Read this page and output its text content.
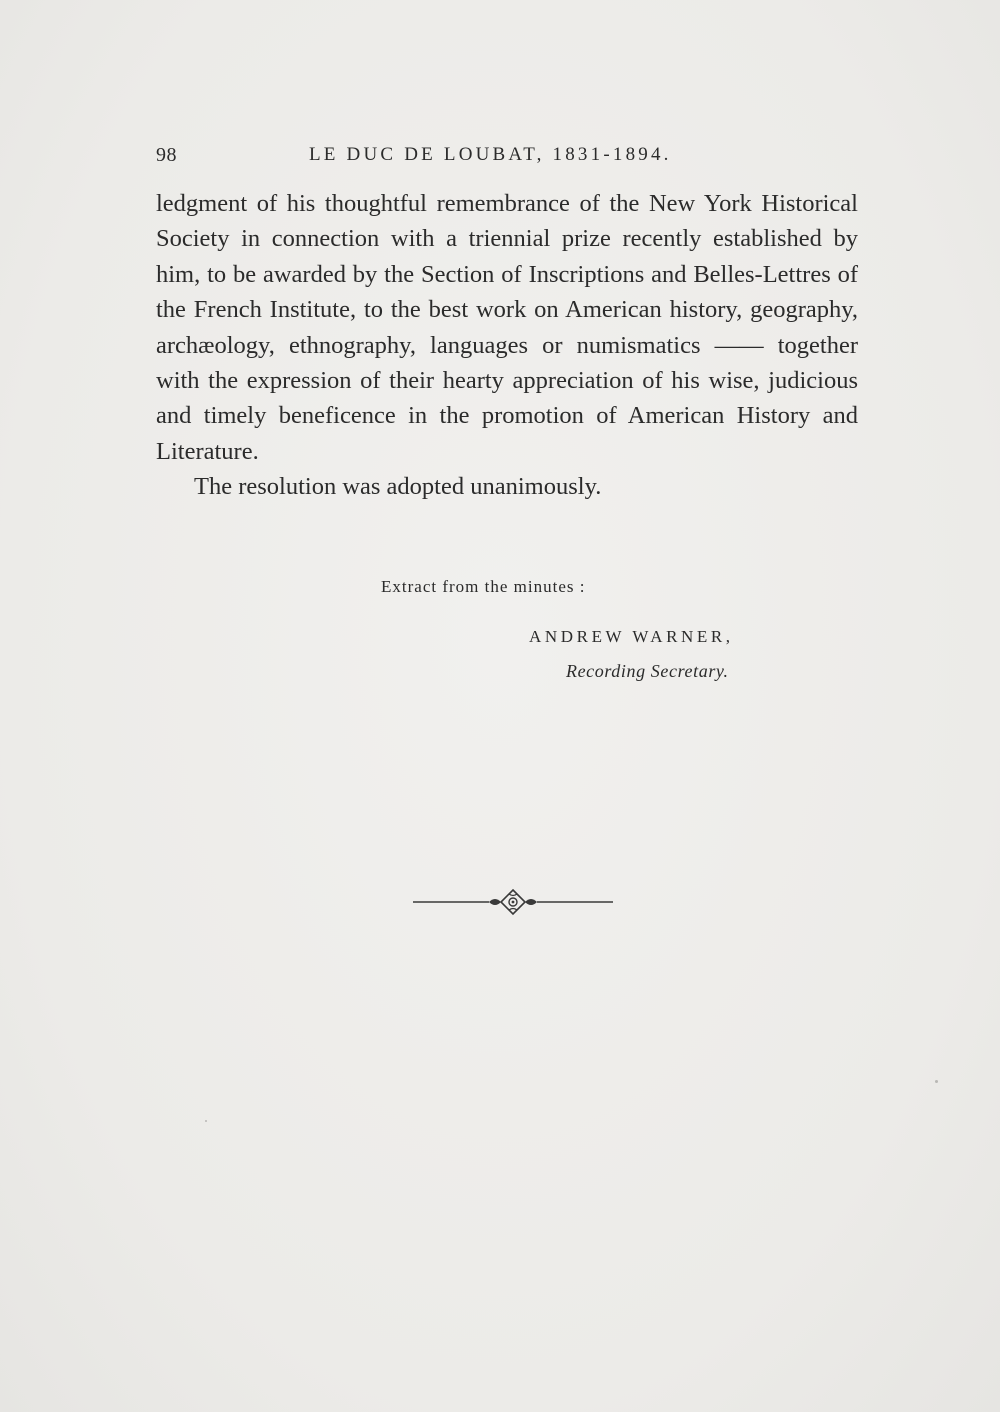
98	LE DUC DE LOUBAT, 1831-1894.
ledgment of his thoughtful remembrance of the New York Historical Society in connection with a triennial prize recently established by him, to be awarded by the Section of Inscriptions and Belles-Lettres of the French Institute, to the best work on American history, geography, archæology, ethnography, languages or numismatics —— together with the expression of their hearty appreciation of his wise, judicious and timely beneficence in the promotion of American History and Literature.

The resolution was adopted unanimously.

Extract from the minutes :
ANDREW WARNER,
Recording Secretary.
